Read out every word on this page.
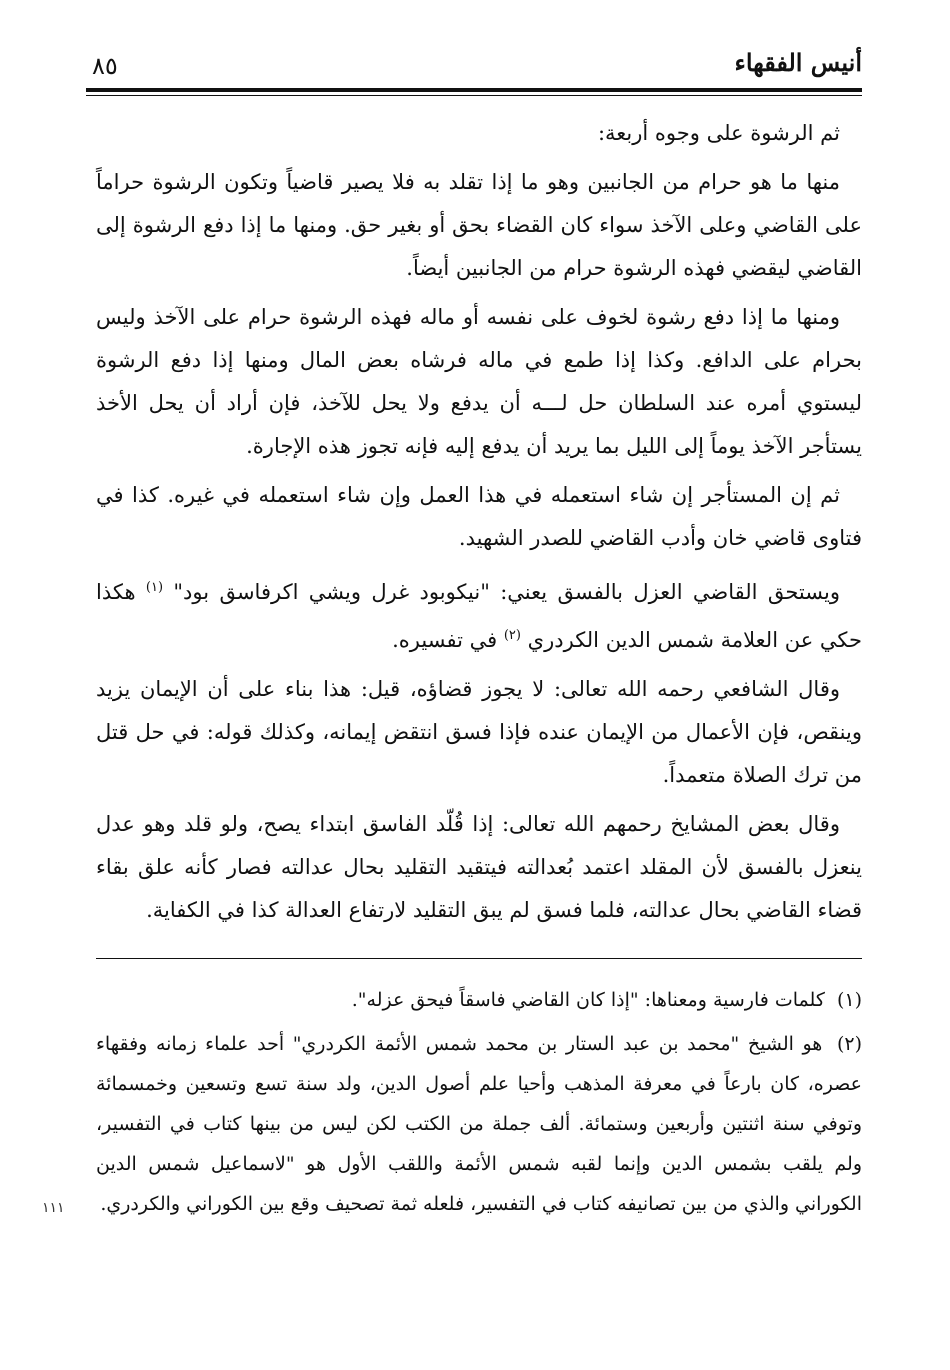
أنيس الفقهاء
٨٥

ثم الرشوة على وجوه أربعة:

منها ما هو حرام من الجانبين وهو ما إذا تقلد به فلا يصير قاضياً وتكون الرشوة حراماً على القاضي وعلى الآخذ سواء كان القضاء بحق أو بغير حق. ومنها ما إذا دفع الرشوة إلى القاضي ليقضي فهذه الرشوة حرام من الجانبين أيضاً.

ومنها ما إذا دفع رشوة لخوف على نفسه أو ماله فهذه الرشوة حرام على الآخذ وليس بحرام على الدافع. وكذا إذا طمع في ماله فرشاه بعض المال ومنها إذا دفع الرشوة ليستوي أمره عند السلطان حل لـــه أن يدفع ولا يحل للآخذ، فإن أراد أن يحل الأخذ يستأجر الآخذ يوماً إلى الليل بما يريد أن يدفع إليه فإنه تجوز هذه الإجارة.

ثم إن المستأجر إن شاء استعمله في هذا العمل وإن شاء استعمله في غيره. كذا في فتاوى قاضي خان وأدب القاضي للصدر الشهيد.

ويستحق القاضي العزل بالفسق يعني: "نيكوبود غرل ويشي اكرفاسق بود" $^{(١)}$ هكذا حكي عن العلامة شمس الدين الكردري $^{(٢)}$ في تفسيره.

وقال الشافعي رحمه الله تعالى: لا يجوز قضاؤه، قيل: هذا بناء على أن الإيمان يزيد وينقص، فإن الأعمال من الإيمان عنده فإذا فسق انتقض إيمانه، وكذلك قوله: في حل قتل من ترك الصلاة متعمداً.

وقال بعض المشايخ رحمهم الله تعالى: إذا قُلّد الفاسق ابتداء يصح، ولو قلد وهو عدل ينعزل بالفسق لأن المقلد اعتمد بُعدالته فيتقيد التقليد بحال عدالته فصار كأنه علق بقاء قضاء القاضي بحال عدالته، فلما فسق لم يبق التقليد لارتفاع العدالة كذا في الكفاية.

(١) كلمات فارسية ومعناها: "إذا كان القاضي فاسقاً فيحق عزله".

(٢) هو الشيخ "محمد بن عبد الستار بن محمد شمس الأئمة الكردري" أحد علماء زمانه وفقهاء عصره، كان بارعاً في معرفة المذهب وأحيا علم أصول الدين، ولد سنة تسع وتسعين وخمسمائة وتوفي سنة اثنتين وأربعين وستمائة. ألف جملة من الكتب لكن ليس من بينها كتاب في التفسير، ولم يلقب بشمس الدين وإنما لقبه شمس الأئمة واللقب الأول هو "لاسماعيل شمس الدين الكوراني والذي من بين تصانيفه كتاب في التفسير، فلعله ثمة تصحيف وقع بين الكوراني والكردري.

١١١
